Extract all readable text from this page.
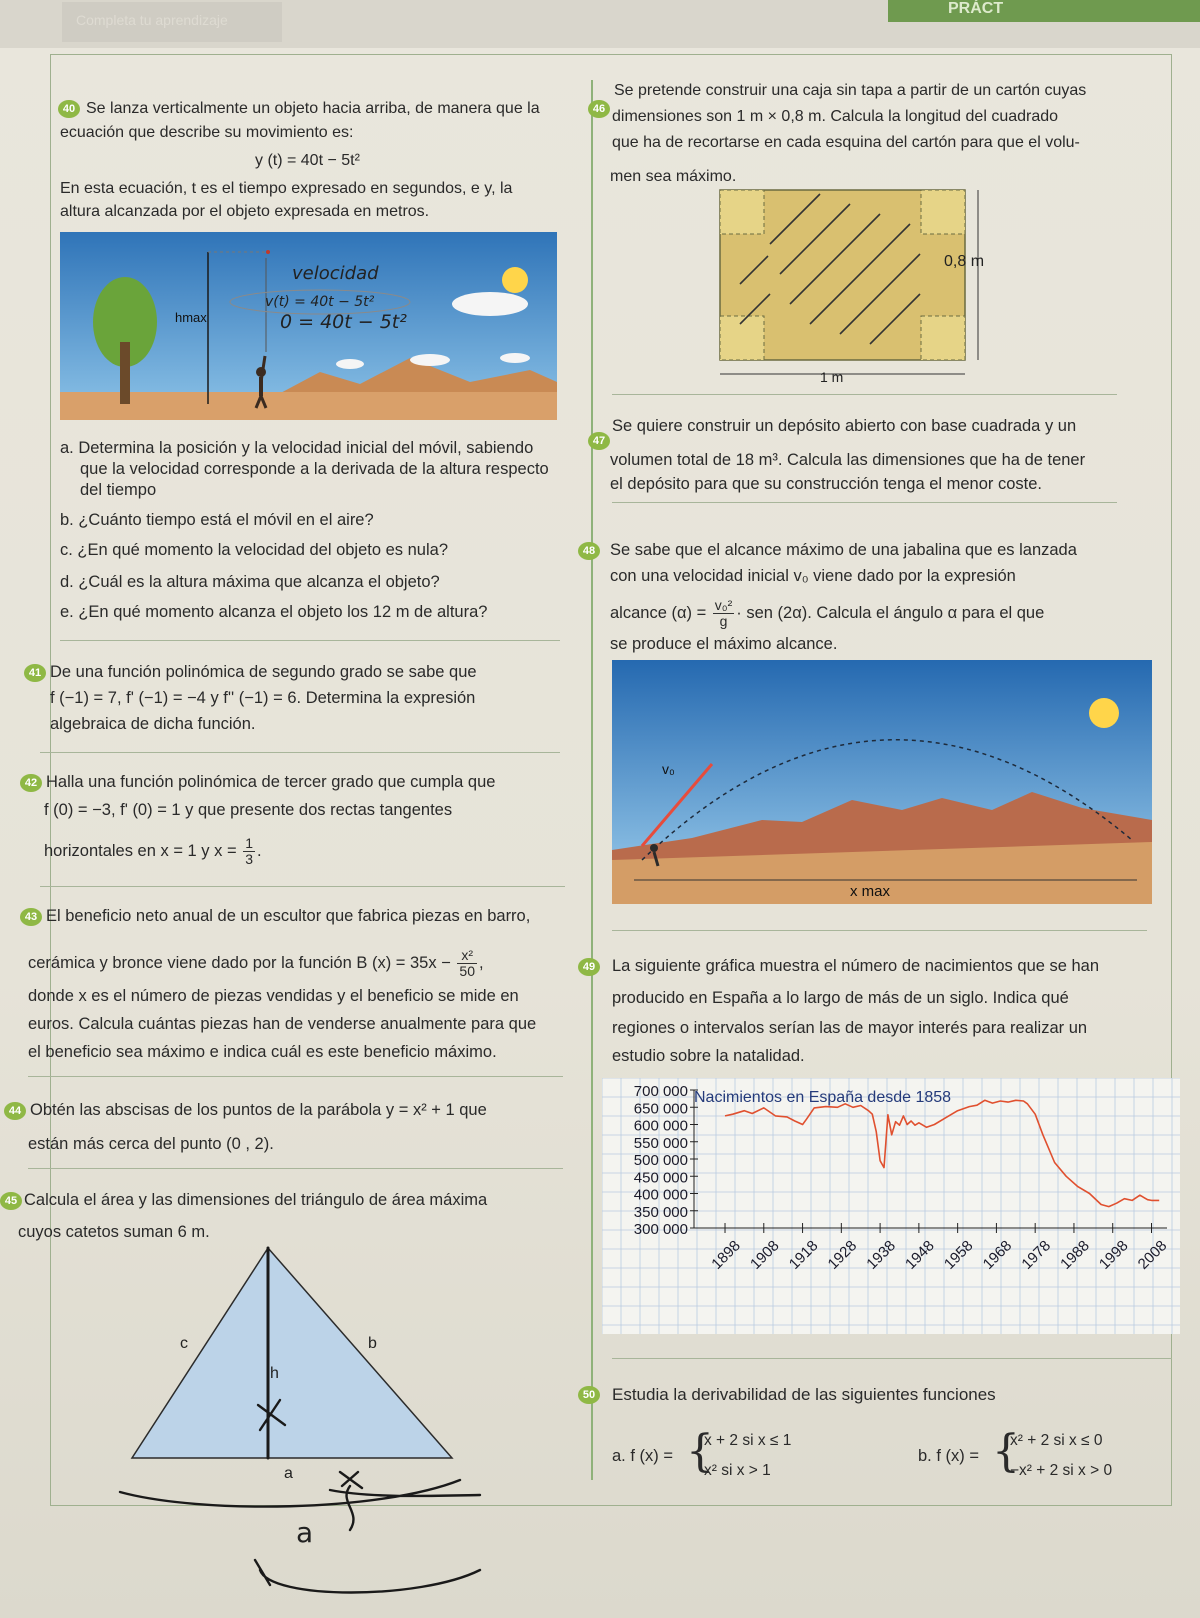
Completa tu aprendizaje
PRÁCT
40 Se lanza verticalmente un objeto hacia arriba, de manera que la
ecuación que describe su movimiento es:
y (t) = 40t − 5t²
En esta ecuación, t es el tiempo expresado en segundos, e y, la
altura alcanzada por el objeto expresada en metros.
hmax
velocidad
v(t) = 40t − 5t²
0 = 40t − 5t²
a. Determina la posición y la velocidad inicial del móvil, sabiendo
que la velocidad corresponde a la derivada de la altura respecto
del tiempo
b. ¿Cuánto tiempo está el móvil en el aire?
c. ¿En qué momento la velocidad del objeto es nula?
d. ¿Cuál es la altura máxima que alcanza el objeto?
e. ¿En qué momento alcanza el objeto los 12 m de altura?
41 De una función polinómica de segundo grado se sabe que
f (−1) = 7, f' (−1) = −4 y f'' (−1) = 6. Determina la expresión
algebraica de dicha función.
42 Halla una función polinómica de tercer grado que cumpla que
f (0) = −3, f' (0) = 1 y que presente dos rectas tangentes
horizontales en x = 1 y $x = \frac{1}{3}$ .
43 El beneficio neto anual de un escultor que fabrica piezas en barro,
cerámica y bronce viene dado por la función B $(x) = 35x - \frac{\text{x²}}{50}$ ,
donde x es el número de piezas vendidas y el beneficio se mide en
euros. Calcula cuántas piezas han de venderse anualmente para que
el beneficio sea máximo e indica cuál es este beneficio máximo.
44 Obtén las abscisas de los puntos de la parábola y = x² + 1 que
están más cerca del punto (0 , 2).
45 Calcula el área y las dimensiones del triángulo de área máxima
cuyos catetos suman 6 m.
c	b
h
a
a
46
Se pretende construir una caja sin tapa a partir de un cartón cuyas
dimensiones son 1 m × 0,8 m. Calcula la longitud del cuadrado
que ha de recortarse en cada esquina del cartón para que el volu-
men sea máximo.
0,8 m
1 m
47
Se quiere construir un depósito abierto con base cuadrada y un
volumen total de 18 m³. Calcula las dimensiones que ha de tener
el depósito para que su construcción tenga el menor coste.
48 Se sabe que el alcance máximo de una jabalina que es lanzada
con una velocidad inicial v₀ viene dado por la expresión
alcance $(\alpha) = \frac{\text{v₀²}}{g}$ · sen (2α). Calcula el ángulo α para el que
se produce el máximo alcance.
v₀
x max
49 La siguiente gráfica muestra el número de nacimientos que se han
producido en España a lo largo de más de un siglo. Indica qué
regiones o intervalos serían las de mayor interés para realizar un
estudio sobre la natalidad.
700 000
650 000
600 000
550 000
500 000
450 000
400 000
350 000
300 000
1898 1908 1918 1928 1938 1948 1958 1968 1978 1988 1998 2008
Nacimientos en España desde 1858
50 Estudia la derivabilidad de las siguientes funciones
a. f (x) = {
x + 2 si x ≤ 1
x² si x > 1
b. f (x) = {
x² + 2 si x ≤ 0
−x² + 2 si x > 0
